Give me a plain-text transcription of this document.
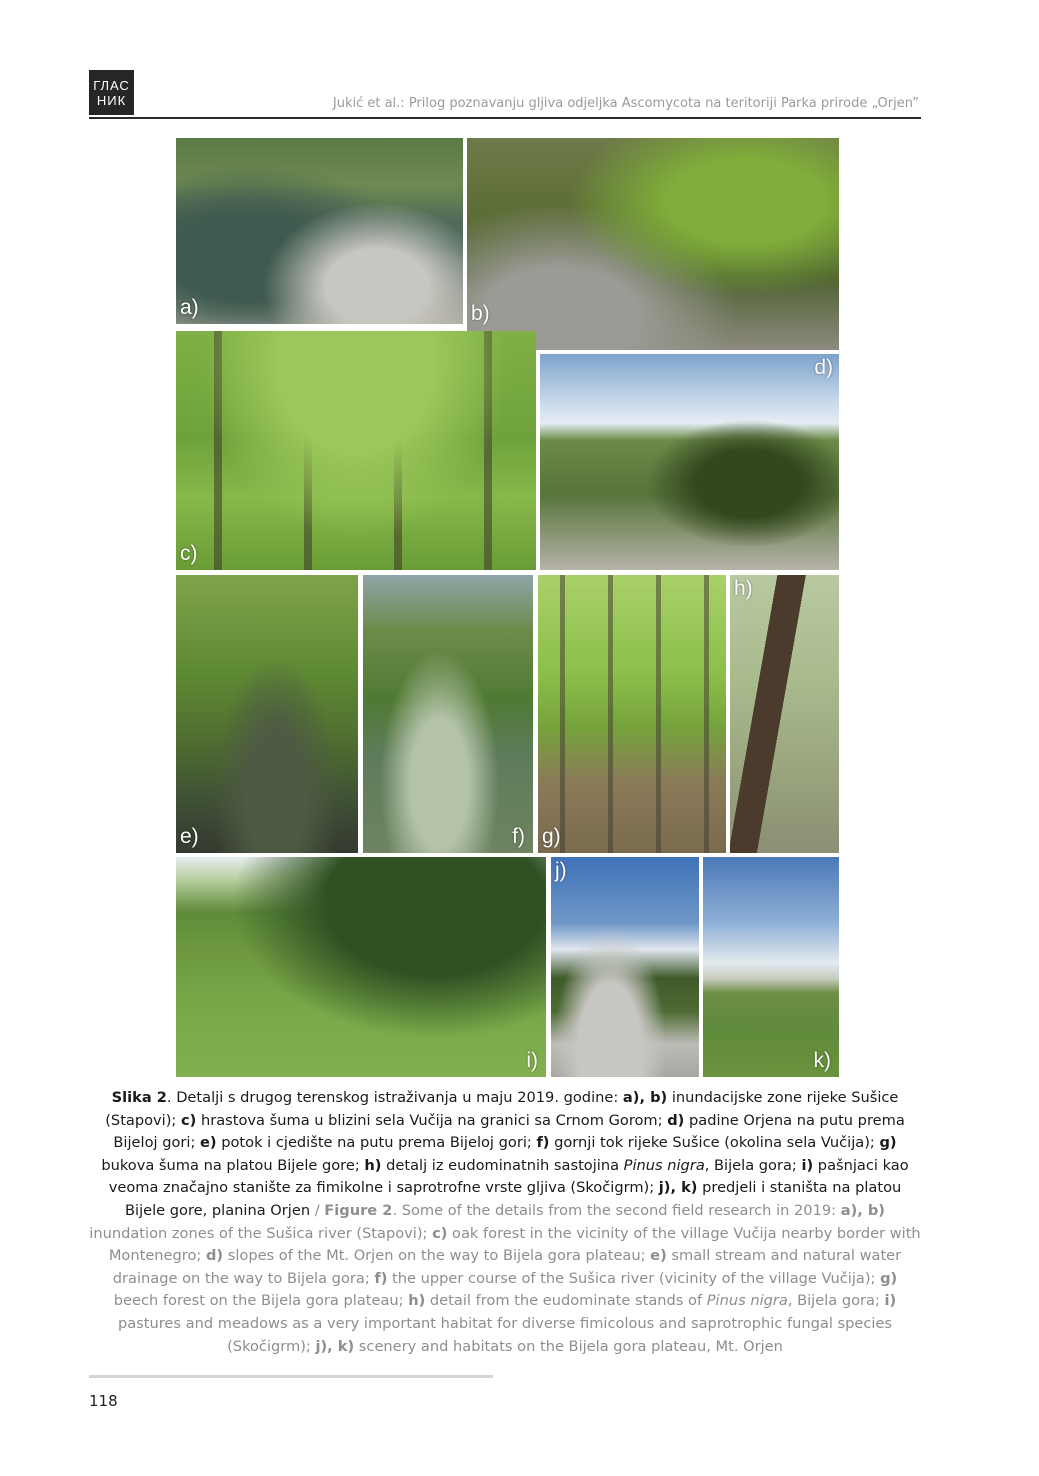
ГЛАС
НИК	Jukić et al.: Prilog poznavanju gljiva odjeljka Ascomycota na teritoriji Parka prirode „Orjen”
a)	b)
c)
d)
e)	f) g)
h)
i)
j)
k)
Slika 2. Detalji s drugog terenskog istraživanja u maju 2019. godine: a), b) inundacijske zone rijeke Sušice (Stapovi); c) hrastova šuma u blizini sela Vučija na granici sa Crnom Gorom; d) padine Orjena na putu prema Bijeloj gori; e) potok i cjedište na putu prema Bijeloj gori; f) gornji tok rijeke Sušice (okolina sela Vučija); g) bukova šuma na platou Bijele gore; h) detalj iz eudominatnih sastojina Pinus nigra, Bijela gora; i) pašnjaci kao veoma značajno stanište za fimikolne i saprotrofne vrste gljiva (Skočigrm); j), k) predjeli i staništa na platou Bijele gore, planina Orjen / Figure 2. Some of the details from the second field research in 2019: a), b) inundation zones of the Sušica river (Stapovi); c) oak forest in the vicinity of the village Vučija nearby border with Montenegro; d) slopes of the Mt. Orjen on the way to Bijela gora plateau; e) small stream and natural water drainage on the way to Bijela gora; f) the upper course of the Sušica river (vicinity of the village Vučija); g) beech forest on the Bijela gora plateau; h) detail from the eudominate stands of Pinus nigra, Bijela gora; i) pastures and meadows as a very important habitat for diverse fimicolous and saprotrophic fungal species (Skočigrm); j), k) scenery and habitats on the Bijela gora plateau, Mt. Orjen
118
